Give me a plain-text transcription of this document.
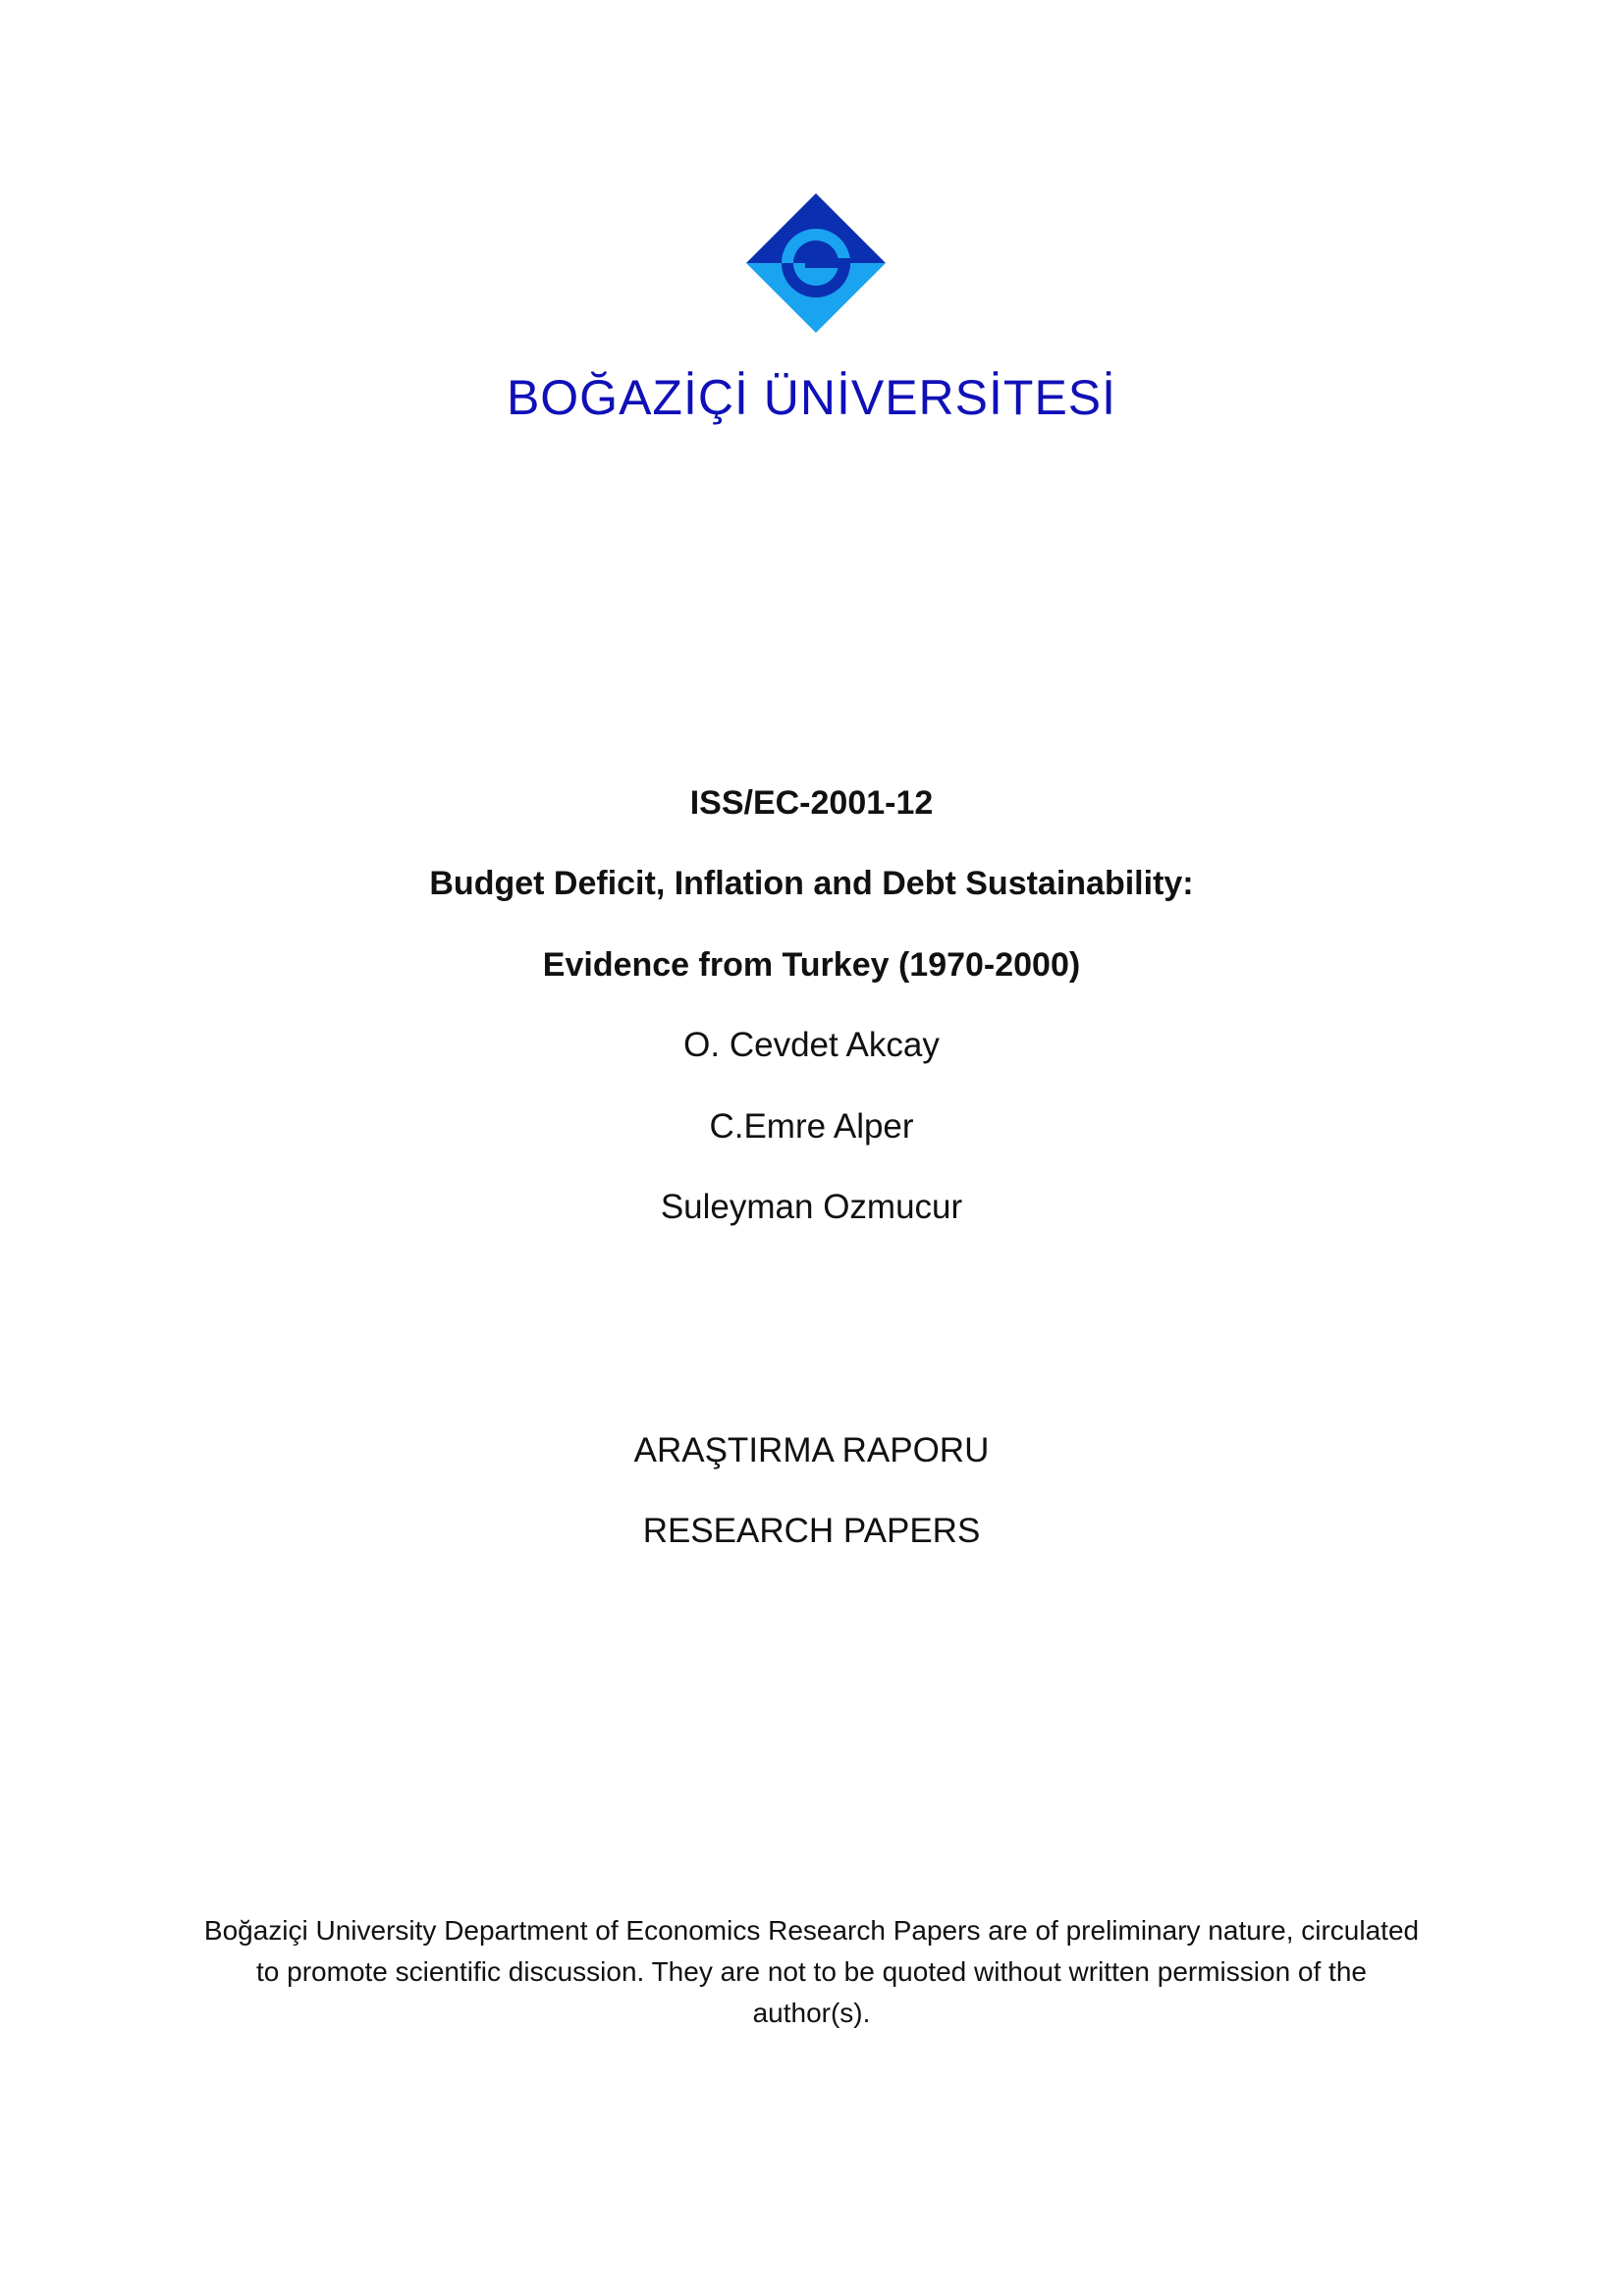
BOĞAZİÇİ ÜNİVERSİTESİ
ISS/EC-2001-12
Budget Deficit, Inflation and Debt Sustainability:
Evidence from Turkey (1970-2000)
O. Cevdet Akcay
C.Emre Alper
Suleyman Ozmucur
ARAŞTIRMA RAPORU
RESEARCH PAPERS
Boğaziçi University Department of Economics Research Papers are of preliminary nature, circulated to promote scientific discussion. They are not to be quoted without written permission of the author(s).
